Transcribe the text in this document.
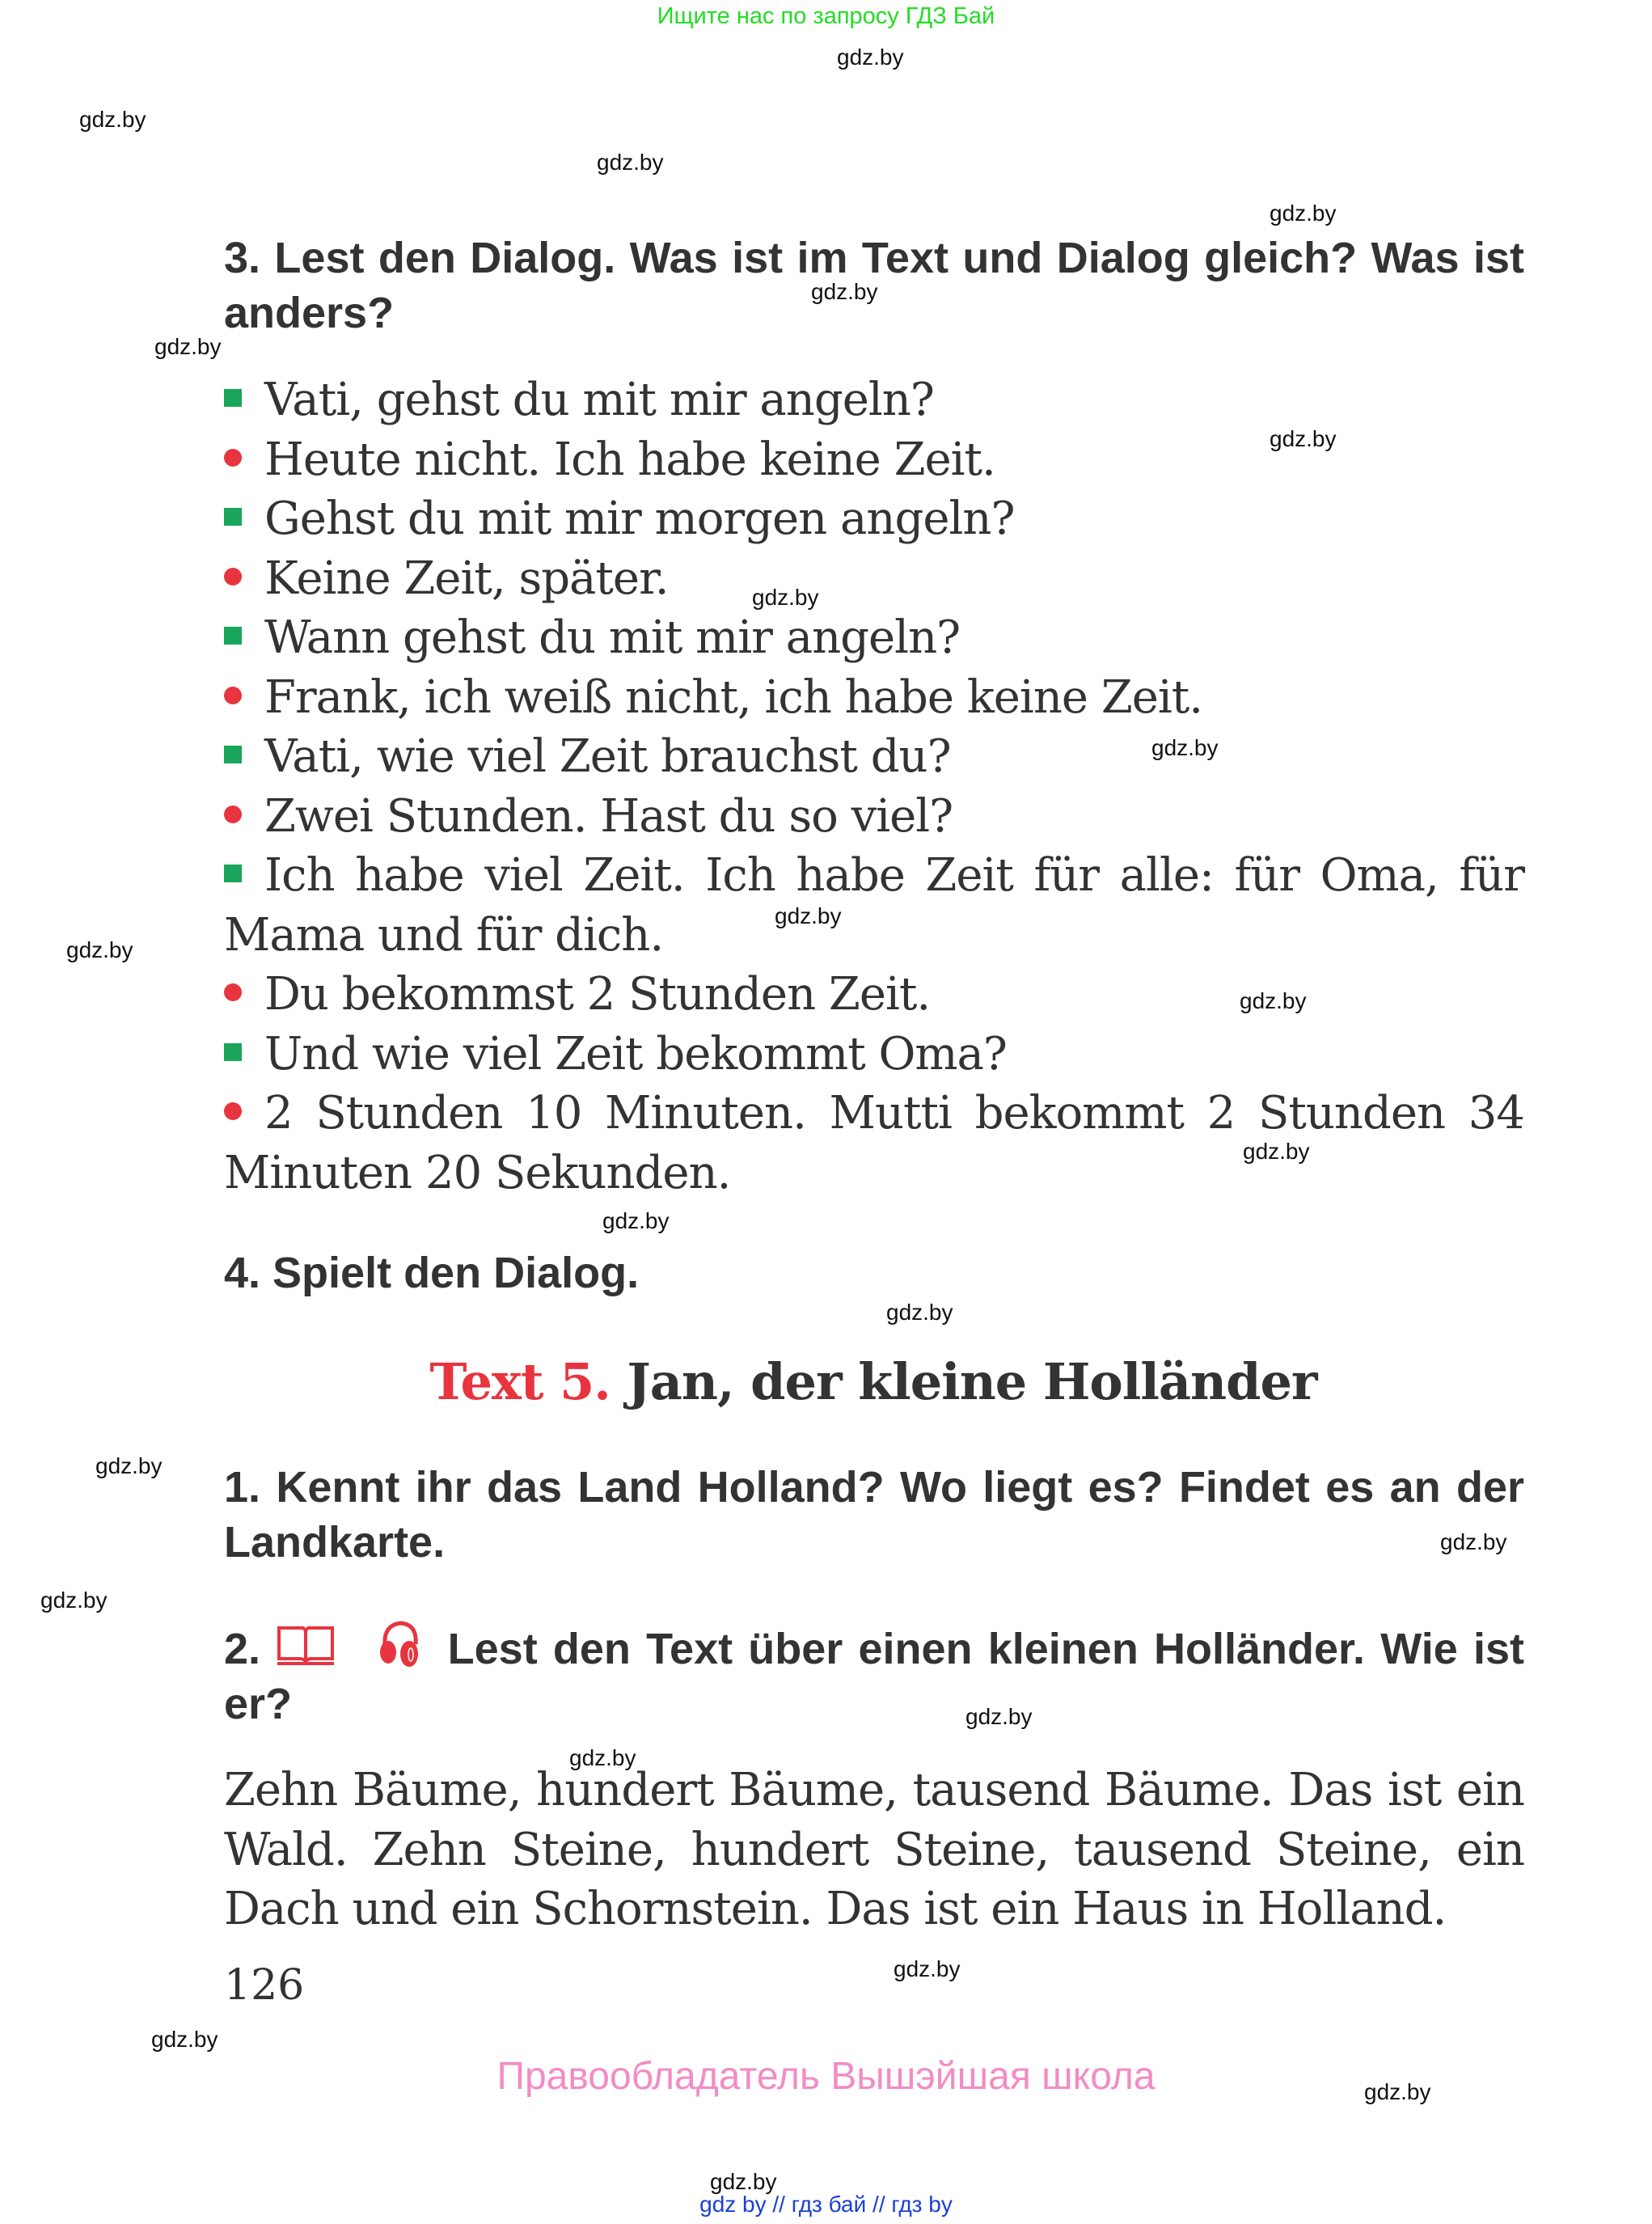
Ищите нас по запросу ГДЗ Бай
gdz.by
gdz.by
gdz.by
gdz.by
gdz.by
gdz.by
gdz.by
gdz.by
gdz.by
gdz.by
gdz.by
gdz.by
gdz.by
gdz.by
gdz.by
gdz.by
gdz.by
gdz.by
gdz.by
gdz.by
gdz.by
gdz.by
gdz.by
gdz.by
3. Lest den Dialog. Was ist im Text und Dialog gleich? Was ist anders?
Vati, gehst du mit mir angeln?
Heute nicht. Ich habe keine Zeit.
Gehst du mit mir morgen angeln?
Keine Zeit, später.
Wann gehst du mit mir angeln?
Frank, ich weiß nicht, ich habe keine Zeit.
Vati, wie viel Zeit brauchst du?
Zwei Stunden. Hast du so viel?
Ich habe viel Zeit. Ich habe Zeit für alle: für Oma, für Mama und für dich.
Du bekommst 2 Stunden Zeit.
Und wie viel Zeit bekommt Oma?
2 Stunden 10 Minuten. Mutti bekommt 2 Stunden 34 Minuten 20 Sekunden.
4. Spielt den Dialog.
Text 5. Jan, der kleine Holländer
1. Kennt ihr das Land Holland? Wo liegt es? Findet es an der Landkarte.
2.	Lest den Text über einen kleinen Holländer. Wie ist er?
Zehn Bäume, hundert Bäume, tausend Bäume. Das ist ein Wald. Zehn Steine, hundert Steine, tausend Steine, ein Dach und ein Schornstein. Das ist ein Haus in Holland.
126
Правообладатель Вышэйшая школа
gdz by // гдз бай // гдз by
